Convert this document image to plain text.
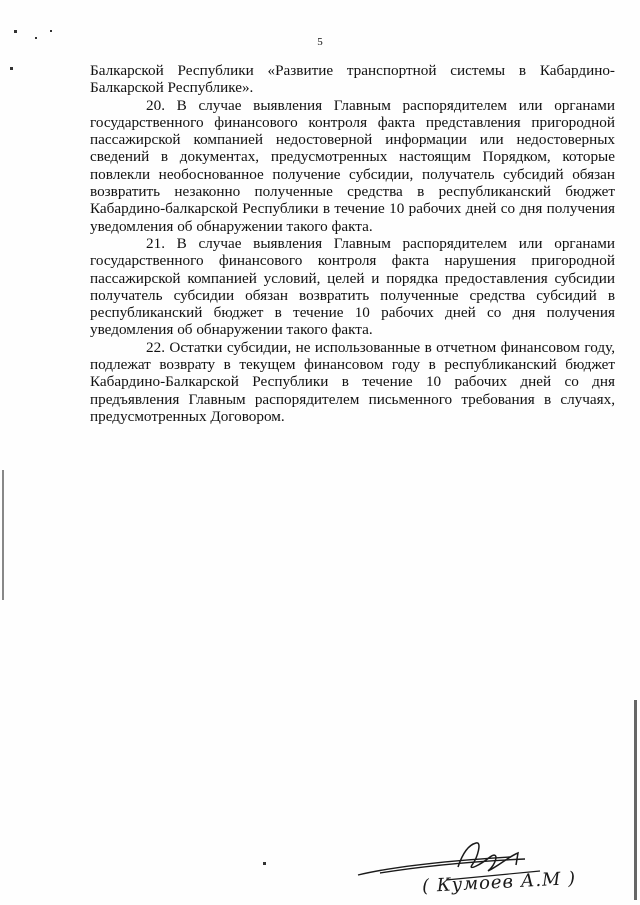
5

Балкарской Республики «Развитие транспортной системы в Кабардино-Балкарской Республике».

20. В случае выявления Главным распорядителем или органами государственного финансового контроля факта представления пригородной пассажирской компанией недостоверной информации или недостоверных сведений в документах, предусмотренных настоящим Порядком, которые повлекли необоснованное получение субсидии, получатель субсидий обязан возвратить незаконно полученные средства в республиканский бюджет Кабардино-балкарской Республики в течение 10 рабочих дней со дня получения уведомления об обнаружении такого факта.

21. В случае выявления Главным распорядителем или органами государственного финансового контроля факта нарушения пригородной пассажирской компанией условий, целей и порядка предоставления субсидии получатель субсидии обязан возвратить полученные средства субсидий в республиканский бюджет в течение 10 рабочих дней со дня получения уведомления об обнаружении такого факта.

22. Остатки субсидии, не использованные в отчетном финансовом году, подлежат возврату в текущем финансовом году в республиканский бюджет Кабардино-Балкарской Республики в течение 10 рабочих дней со дня предъявления Главным распорядителем письменного требования в случаях, предусмотренных Договором.

( Кумоев А.М )
